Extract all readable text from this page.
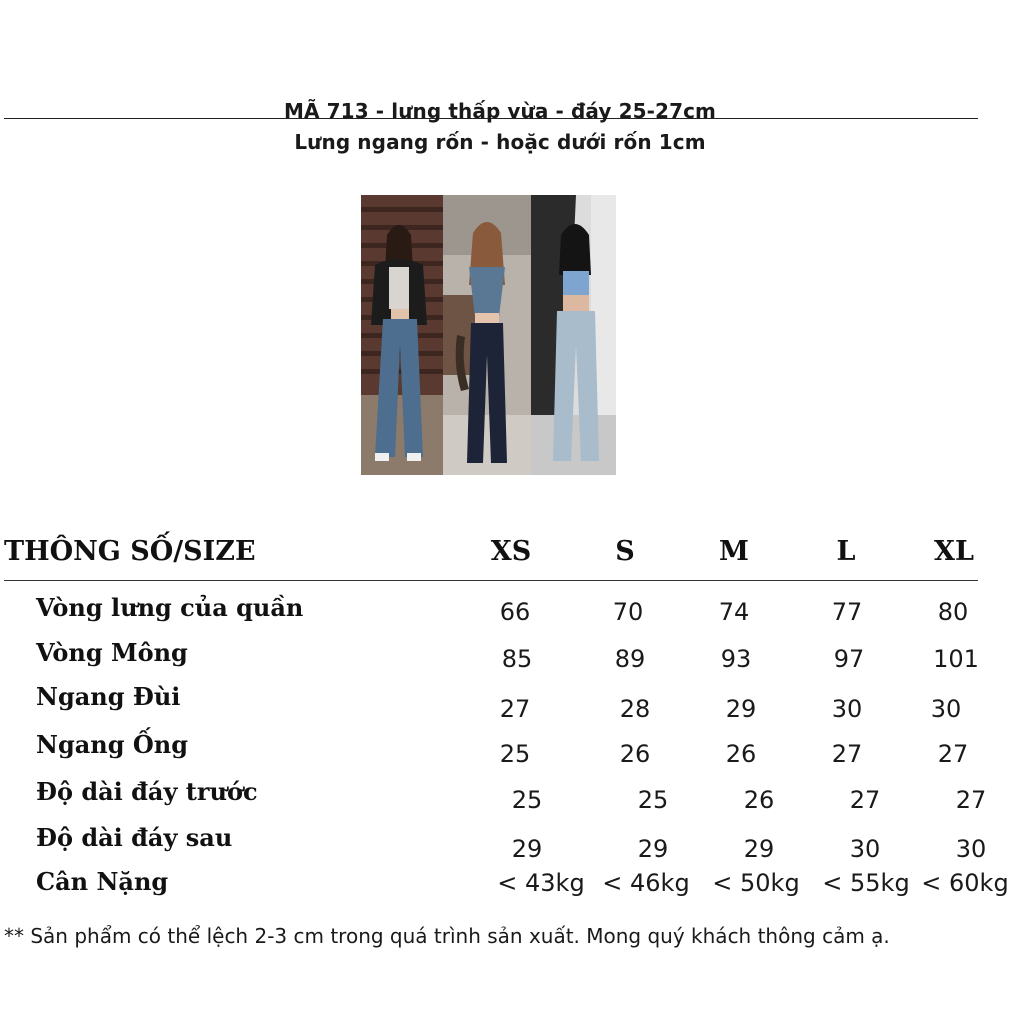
MÃ 713 - lưng thấp vừa - đáy 25-27cm
Lưng ngang rốn - hoặc dưới rốn 1cm
THÔNG SỐ/SIZE	XS	S	M	L	XL
Vòng lưng của quần	66	70	74	77	80
Vòng Mông	85	89	93	97	101
Ngang Đùi	27	28	29	30	30
Ngang Ống	25	26	26	27	27
Độ dài đáy trước	25	25	26	27	27
Độ dài đáy sau	29	29	29	30	30
Cân Nặng	< 43kg < 46kg < 50kg < 55kg < 60kg
** Sản phẩm có thể lệch 2-3 cm trong quá trình sản xuất. Mong quý khách thông cảm ạ.
